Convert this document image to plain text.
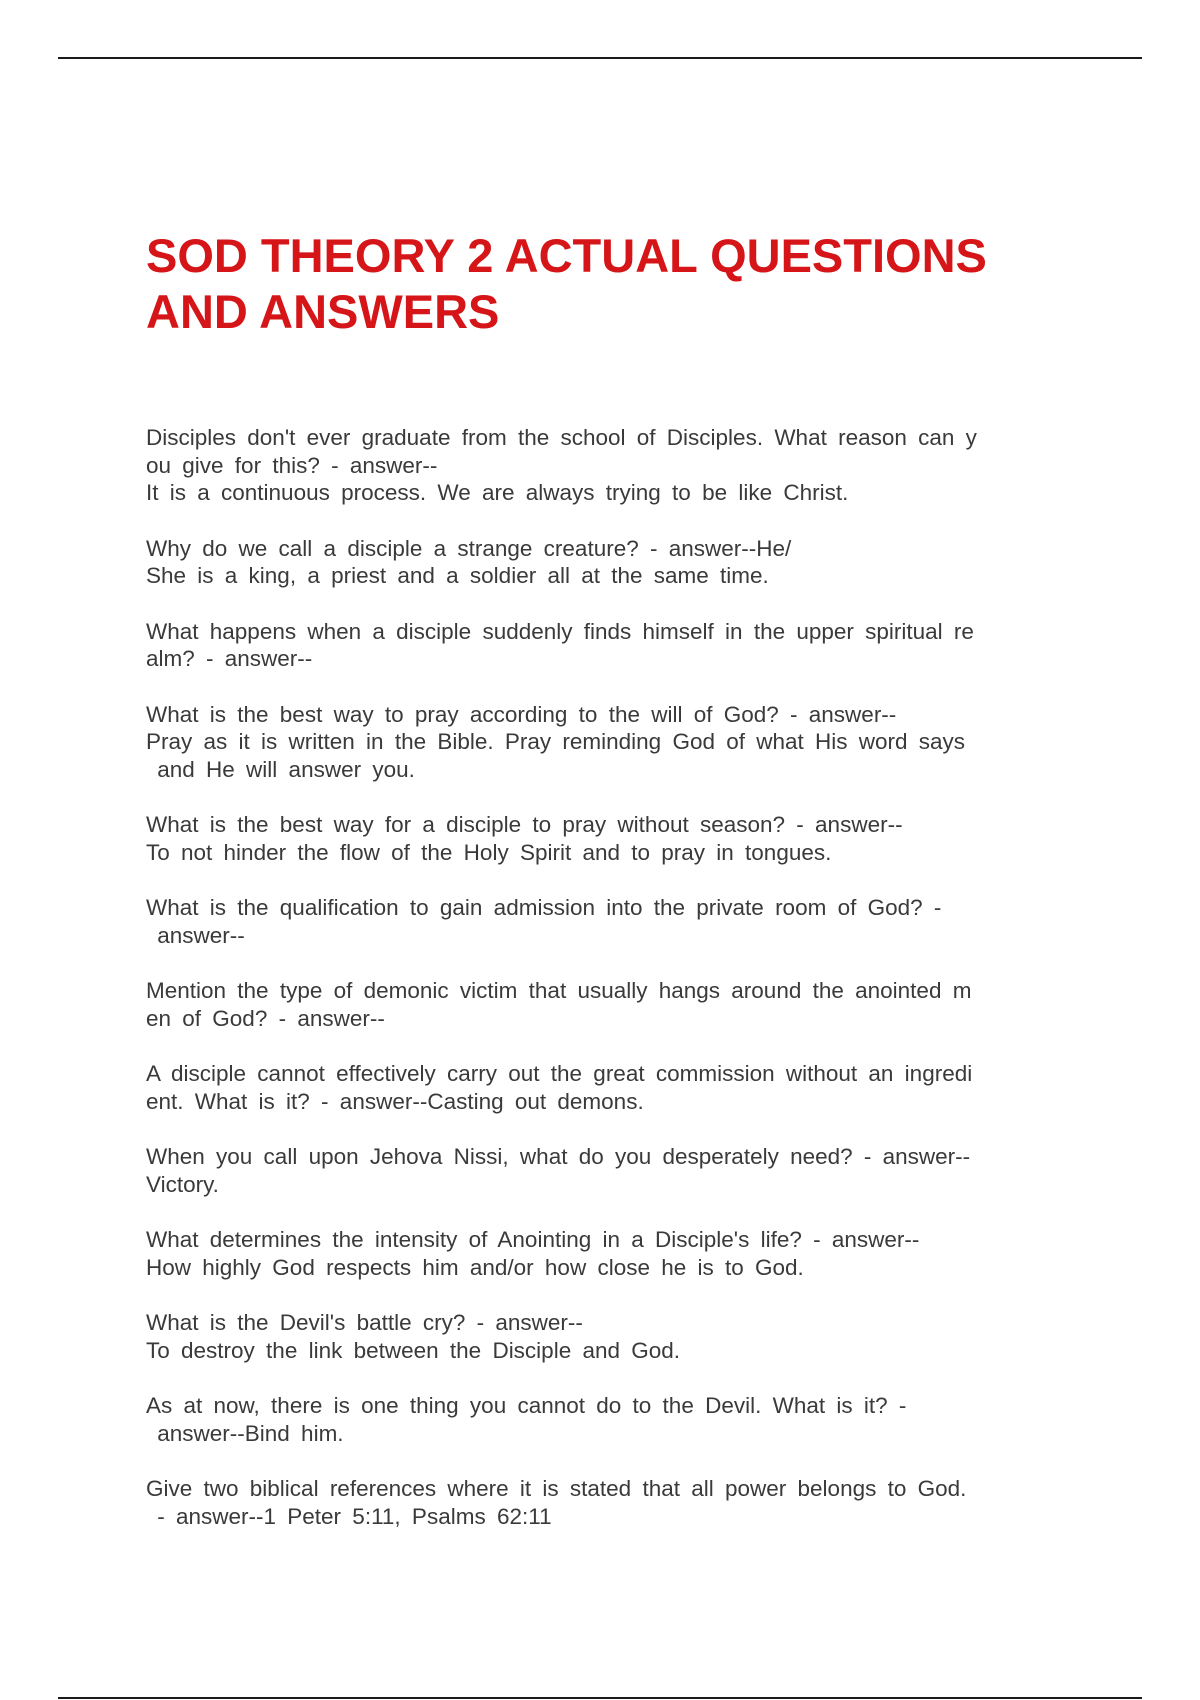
SOD THEORY 2 ACTUAL QUESTIONS
AND ANSWERS

Disciples don't ever graduate from the school of Disciples. What reason can y
ou give for this? - answer--
It is a continuous process. We are always trying to be like Christ.

Why do we call a disciple a strange creature? - answer--He/
She is a king, a priest and a soldier all at the same time.

What happens when a disciple suddenly finds himself in the upper spiritual re
alm? - answer--

What is the best way to pray according to the will of God? - answer--
Pray as it is written in the Bible. Pray reminding God of what His word says
and He will answer you.

What is the best way for a disciple to pray without season? - answer--
To not hinder the flow of the Holy Spirit and to pray in tongues.

What is the qualification to gain admission into the private room of God? -
answer--

Mention the type of demonic victim that usually hangs around the anointed m
en of God? - answer--

A disciple cannot effectively carry out the great commission without an ingredi
ent. What is it? - answer--Casting out demons.

When you call upon Jehova Nissi, what do you desperately need? - answer--
Victory.

What determines the intensity of Anointing in a Disciple's life? - answer--
How highly God respects him and/or how close he is to God.

What is the Devil's battle cry? - answer--
To destroy the link between the Disciple and God.

As at now, there is one thing you cannot do to the Devil. What is it? -
answer--Bind him.

Give two biblical references where it is stated that all power belongs to God.
- answer--1 Peter 5:11, Psalms 62:11
